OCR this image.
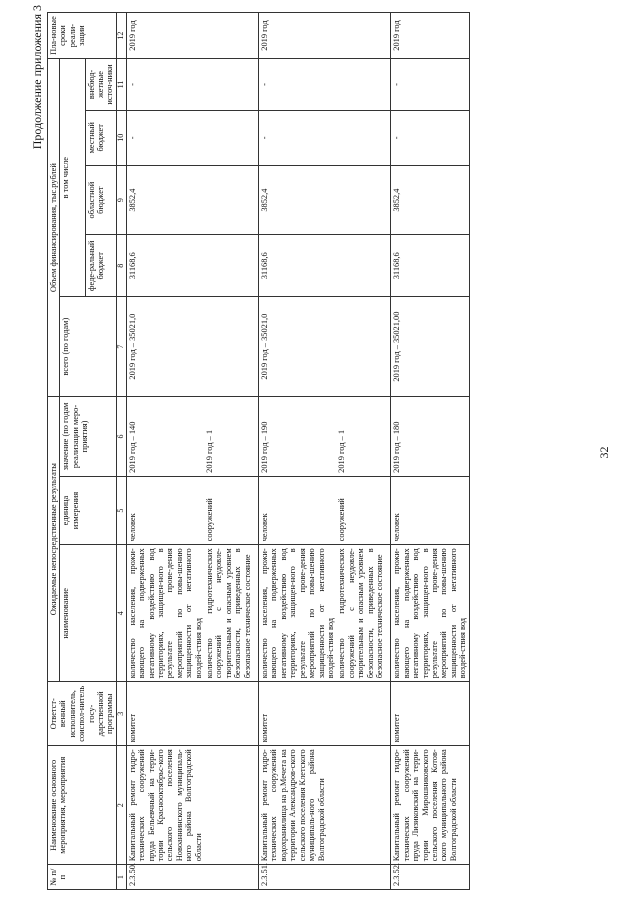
Продолжение приложения 3
№ п/п	Наименование основного мероприятия, мероприятия	Ответст-венный исполнитель, соиспол-нитель госу-дарственной программы	Ожидаемые непосредственные результаты			Объем финансирования, тыс.рублей					Пла-новые сроки реали-зации
			наименование	единица измерения	значение (по годам реализации меро-приятия)	всего (по годам)	в том числе				
							феде-ральный бюджет	областной бюджет	местный бюджет	внебюд-жетные источ-ники	
1	2	3	4	5	6	7	8	9	10	11	12
2.3.50.	Капитальный ремонт гидро-технических сооружений пруда Бельевчный на терри-тории Краснооктябрьс-кого сельского поселения Новоаннинского муниципаль-ного района Волгоградской области	комитет	количество населения, прожи-вающего на подверженных негативному воздействию вод территориях, защищен-ного в результате прове-дения мероприятий по повы-шению защищенности от негативного воздей-ствия вод	человек	2019 год – 140	2019 год – 35021,0	31168,6	3852,4	-	-	2019 год
			количество гидротехнических сооружений с неудовле-творительным и опасным уровнем безопасности, приведенных в безопасное техническое состояние	сооружений	2019 год – 1						
2.3.51.	Капитальный ремонт гидро-технических сооружений водохранилища на р.Мечета на территории Александров-ского сельского поселения Клетского муниципаль-ного района Волгоградской области	комитет	количество населения, прожи-вающего на подверженных негативному воздействию вод территориях, защищен-ного в результате прове-дения мероприятий по повы-шению защищенности от негативного воздей-ствия вод	человек	2019 год – 190	2019 год – 35021,0	31168,6	3852,4	-	-	2019 год
			количество гидротехнических сооружений с неудовле-творительным и опасным уровнем безопасности, приведенных в безопасное техническое состояние	сооружений	2019 год – 1						
2.3.52.	Капитальный ремонт гидро-технических сооружений пруда Лизиковский на терри-тории Мирошниковского сельского поселения Котов-ского муниципального района Волгоградской области	комитет	количество населения, прожи-вающего на подверженных негативному воздействию вод территориях, защищен-ного в результате прове-дения мероприятий по повы-шению защищенности от негативного воздей-ствия вод	человек	2019 год – 180	2019 год – 35021,00	31168,6	3852,4	-	-	2019 год
32
